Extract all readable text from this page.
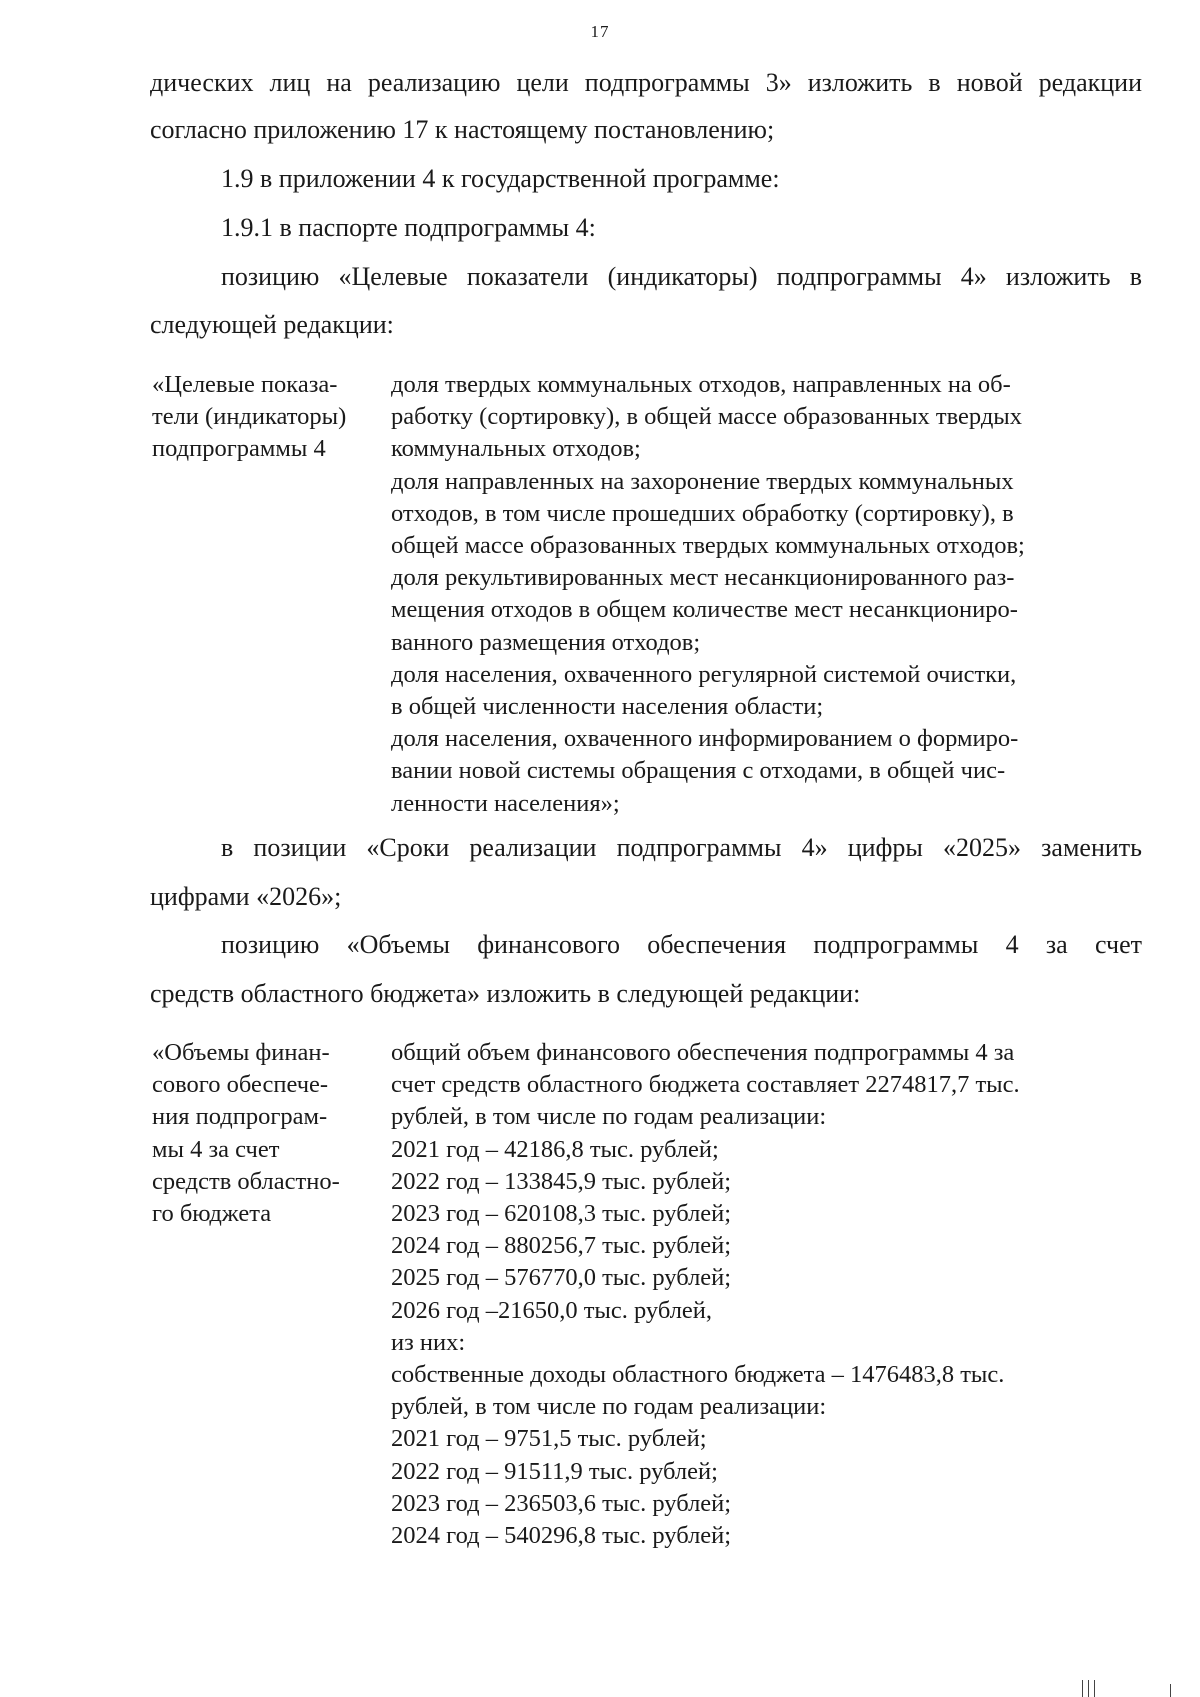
17
дических лиц на реализацию цели подпрограммы 3» изложить в новой редакции
согласно приложению 17 к настоящему постановлению;
1.9 в приложении 4 к государственной программе:
1.9.1 в паспорте подпрограммы 4:
позицию «Целевые показатели (индикаторы) подпрограммы 4» изложить в
следующей редакции:
«Целевые показа-
тели (индикаторы)
подпрограммы 4
доля твердых коммунальных отходов, направленных на об-
работку (сортировку), в общей массе образованных твердых
коммунальных отходов;
доля направленных на захоронение твердых коммунальных
отходов, в том числе прошедших обработку (сортировку), в
общей массе образованных твердых коммунальных отходов;
доля рекультивированных мест несанкционированного раз-
мещения отходов в общем количестве мест несанкциониро-
ванного размещения отходов;
доля населения, охваченного регулярной системой очистки,
в общей численности населения области;
доля населения, охваченного информированием о формиро-
вании новой системы обращения с отходами, в общей чис-
ленности населения»;
в позиции «Сроки реализации подпрограммы 4» цифры «2025» заменить
цифрами «2026»;
позицию «Объемы финансового обеспечения подпрограммы 4 за счет
средств областного бюджета» изложить в следующей редакции:
«Объемы финан-
сового обеспече-
ния подпрограм-
мы 4 за счет
средств областно-
го бюджета
общий объем финансового обеспечения подпрограммы 4 за
счет средств областного бюджета составляет 2274817,7 тыс.
рублей, в том числе по годам реализации:
2021 год – 42186,8 тыс. рублей;
2022 год – 133845,9 тыс. рублей;
2023 год – 620108,3 тыс. рублей;
2024 год – 880256,7 тыс. рублей;
2025 год – 576770,0 тыс. рублей;
2026 год –21650,0 тыс. рублей,
из них:
собственные доходы областного бюджета – 1476483,8 тыс.
рублей, в том числе по годам реализации:
2021 год – 9751,5 тыс. рублей;
2022 год – 91511,9 тыс. рублей;
2023 год – 236503,6 тыс. рублей;
2024 год – 540296,8 тыс. рублей;
